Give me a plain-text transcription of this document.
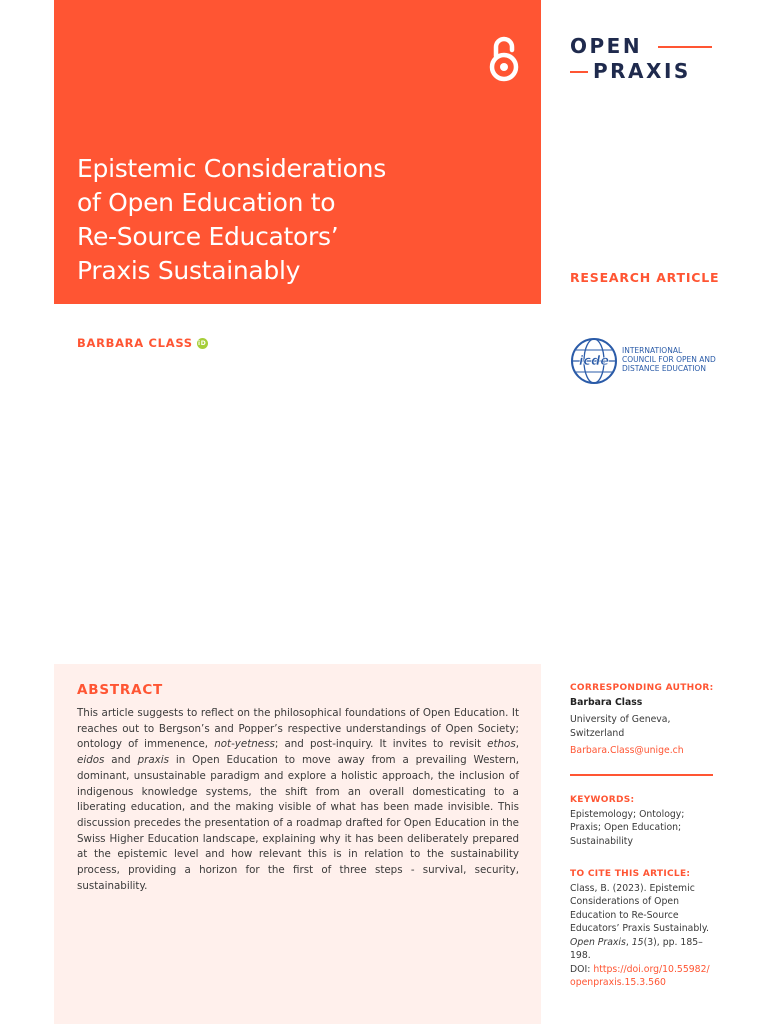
Epistemic Considerations
of Open Education to
Re-Source Educators’
Praxis Sustainably
OPEN
PRAXIS
RESEARCH ARTICLE
BARBARA CLASS iD
icde
INTERNATIONAL
COUNCIL FOR OPEN AND
DISTANCE EDUCATION
ABSTRACT

This article suggests to reflect on the philosophical foundations of Open Education. It reaches out to Bergson’s and Popper’s respective understandings of Open Society; ontology of immenence, not-yetness; and post-inquiry. It invites to revisit ethos, eidos and praxis in Open Education to move away from a prevailing Western, dominant, unsustainable paradigm and explore a holistic approach, the inclusion of indigenous knowledge systems, the shift from an overall domesticating to a liberating education, and the making visible of what has been made invisible. This discussion precedes the presentation of a roadmap drafted for Open Education in the Swiss Higher Education landscape, explaining why it has been deliberately prepared at the epistemic level and how relevant this is in relation to the sustainability process, providing a horizon for the first of three steps - survival, security, sustainability.

CORRESPONDING AUTHOR:
Barbara Class
University of Geneva, Switzerland
Barbara.Class@unige.ch
KEYWORDS:
Epistemology; Ontology; Praxis; Open Education; Sustainability
TO CITE THIS ARTICLE:
Class, B. (2023). Epistemic Considerations of Open Education to Re-Source Educators’ Praxis Sustainably. Open Praxis, 15(3), pp. 185–198.
DOI: https://doi.org/10.55982/ openpraxis.15.3.560
